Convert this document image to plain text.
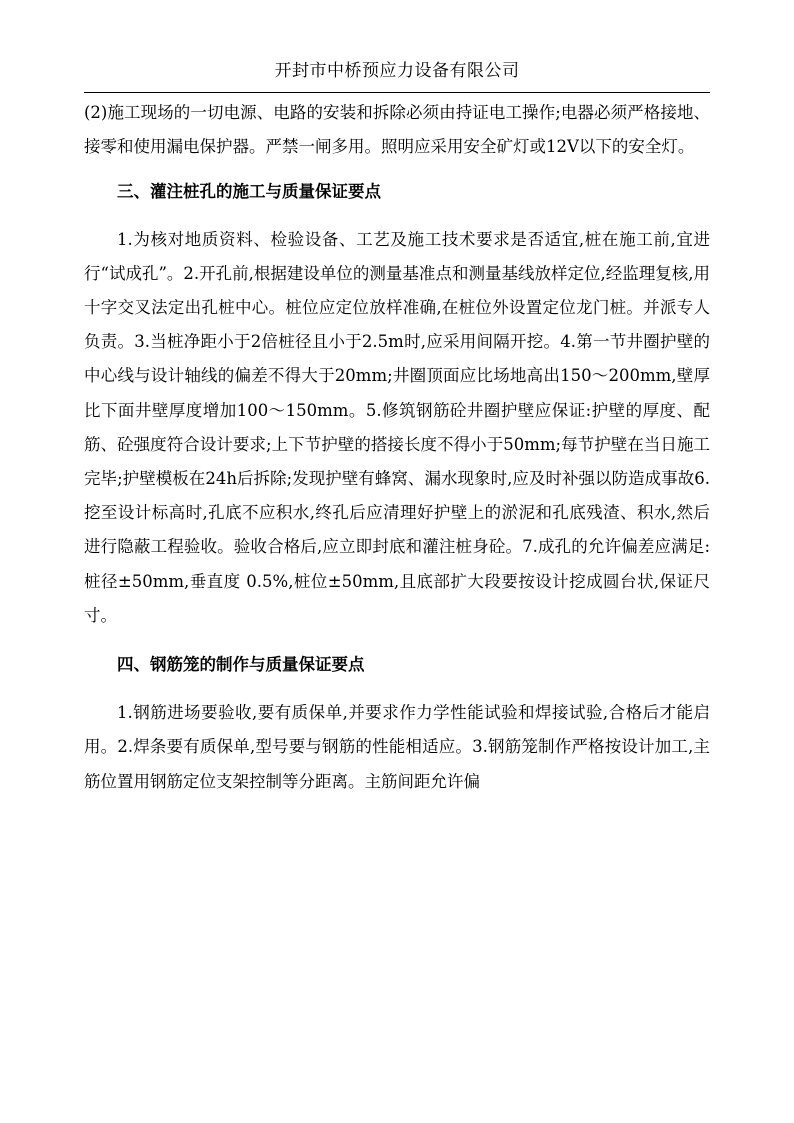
开封市中桥预应力设备有限公司

(2)施工现场的一切电源、电路的安装和拆除必须由持证电工操作;电器必须严格接地、接零和使用漏电保护器。严禁一闸多用。照明应采用安全矿灯或12V以下的安全灯。

三、灌注桩孔的施工与质量保证要点

1.为核对地质资料、检验设备、工艺及施工技术要求是否适宜,桩在施工前,宜进行“试成孔”。2.开孔前,根据建设单位的测量基准点和测量基线放样定位,经监理复核,用十字交叉法定出孔桩中心。桩位应定位放样准确,在桩位外设置定位龙门桩。并派专人负责。3.当桩净距小于2倍桩径且小于2.5m时,应采用间隔开挖。4.第一节井圈护壁的中心线与设计轴线的偏差不得大于20mm;井圈顶面应比场地高出150～200mm,壁厚比下面井壁厚度增加100～150mm。5.修筑钢筋砼井圈护壁应保证:护壁的厚度、配筋、砼强度符合设计要求;上下节护壁的搭接长度不得小于50mm;每节护壁在当日施工完毕;护壁模板在24h后拆除;发现护壁有蜂窝、漏水现象时,应及时补强以防造成事故6.挖至设计标高时,孔底不应积水,终孔后应清理好护壁上的淤泥和孔底残渣、积水,然后进行隐蔽工程验收。验收合格后,应立即封底和灌注桩身砼。7.成孔的允许偏差应满足:桩径±50mm,垂直度 0.5%,桩位±50mm,且底部扩大段要按设计挖成圆台状,保证尺寸。

四、钢筋笼的制作与质量保证要点

1.钢筋进场要验收,要有质保单,并要求作力学性能试验和焊接试验,合格后才能启用。2.焊条要有质保单,型号要与钢筋的性能相适应。3.钢筋笼制作严格按设计加工,主筋位置用钢筋定位支架控制等分距离。主筋间距允许偏
